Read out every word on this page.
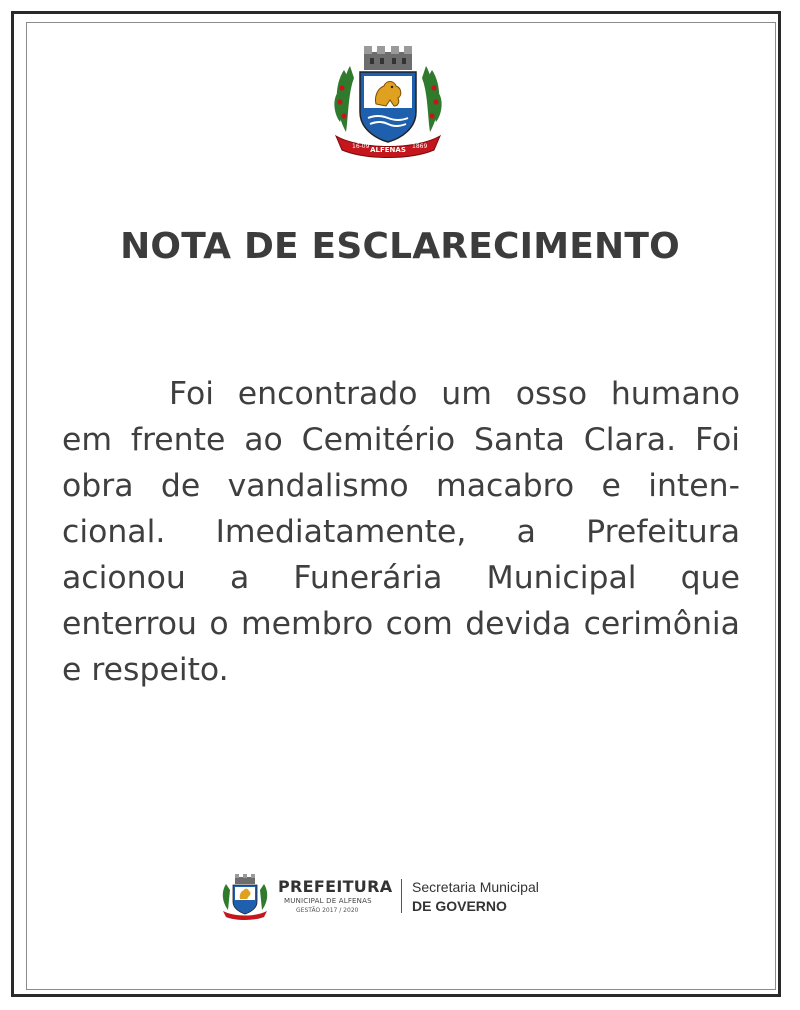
16-09 ALFENAS 1869
NOTA DE ESCLARECIMENTO

Foi encontrado um osso humano em frente ao Cemitério Santa Clara. Foi obra de vandalismo macabro e inten-cional. Imediatamente, a Prefeitura acionou a Funerária Municipal que enterrou o membro com devida cerimônia e respeito.

PREFEITURA
MUNICIPAL DE ALFENAS
GESTÃO 2017 / 2020
Secretaria Municipal
DE GOVERNO
